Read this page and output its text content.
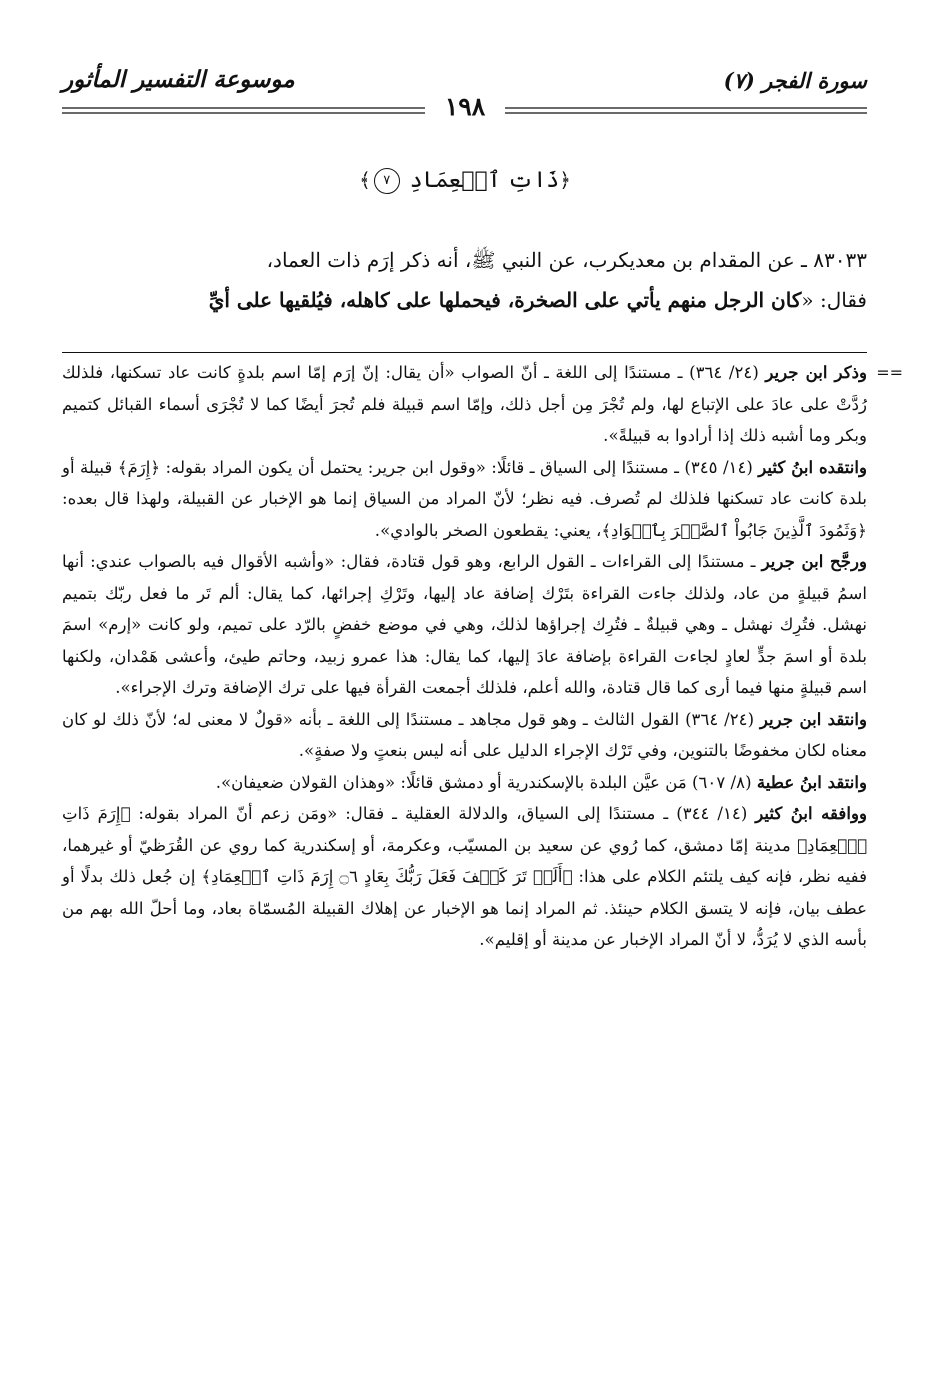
سورة الفجر (٧)
موسوعة التفسير المأثور
١٩٨
﴿ذَاتِ ٱلۡعِمَادِ ٧﴾
٨٣٠٣٣ ـ عن المقدام بن معديكرب، عن النبي ﷺ، أنه ذكر إرَم ذات العماد،
فقال: «كان الرجل منهم يأتي على الصخرة، فيحملها على كاهله، فيُلقيها على أيِّ
==

وذكر ابن جرير (٢٤/ ٣٦٤) ـ مستندًا إلى اللغة ـ أنّ الصواب «أن يقال: إنّ إرَم إمّا اسم بلدةٍ كانت عاد تسكنها، فلذلك رُدَّتْ على عادَ على الإتباع لها، ولم تُجْرَ مِن أجل ذلك، وإمّا اسم قبيلة فلم تُجرَ أيضًا كما لا تُجْرَى أسماء القبائل كتميم وبكر وما أشبه ذلك إذا أرادوا به قبيلةً».

وانتقده ابنُ كثير (١٤/ ٣٤٥) ـ مستندًا إلى السياق ـ قائلًا: «وقول ابن جرير: يحتمل أن يكون المراد بقوله: ﴿إِرَمَ﴾ قبيلة أو بلدة كانت عاد تسكنها فلذلك لم تُصرف. فيه نظر؛ لأنّ المراد من السياق إنما هو الإخبار عن القبيلة، ولهذا قال بعده: ﴿وَثَمُودَ ٱلَّذِينَ جَابُواْ ٱلصَّخۡرَ بِٱلۡوَادِ﴾، يعني: يقطعون الصخر بالوادي».

ورجَّح ابن جرير ـ مستندًا إلى القراءات ـ القول الرابع، وهو قول قتادة، فقال: «وأشبه الأقوال فيه بالصواب عندي: أنها اسمُ قبيلةٍ من عاد، ولذلك جاءت القراءة بتَرْك إضافة عاد إليها، وتَرْكِ إجرائها، كما يقال: ألم تَر ما فعل ربّك بتميم نهشل. فتُرِك نهشل ـ وهي قبيلةٌ ـ فتُرِك إجراؤها لذلك، وهي في موضع خفضٍ بالرّد على تميم، ولو كانت «إرم» اسمَ بلدة أو اسمَ جدٍّ لعادٍ لجاءت القراءة بإضافة عادَ إليها، كما يقال: هذا عمرو زبيد، وحاتم طيئ، وأعشى هَمْدان، ولكنها اسم قبيلةٍ منها فيما أرى كما قال قتادة، والله أعلم، فلذلك أجمعت القرأة فيها على ترك الإضافة وترك الإجراء».

وانتقد ابن جرير (٢٤/ ٣٦٤) القول الثالث ـ وهو قول مجاهد ـ مستندًا إلى اللغة ـ بأنه «قولٌ لا معنى له؛ لأنّ ذلك لو كان معناه لكان مخفوضًا بالتنوين، وفي تَرْك الإجراء الدليل على أنه ليس بنعتٍ ولا صفةٍ».

وانتقد ابنُ عطية (٨/ ٦٠٧) مَن عيَّن البلدة بالإسكندرية أو دمشق قائلًا: «وهذان القولان ضعيفان».

ووافقه ابنُ كثير (١٤/ ٣٤٤) ـ مستندًا إلى السياق، والدلالة العقلية ـ فقال: «ومَن زعم أنّ المراد بقوله: ﴿إِرَمَ ذَاتِ ٱلۡعِمَادِ﴾ مدينة إمّا دمشق، كما رُوي عن سعيد بن المسيّب، وعكرمة، أو إسكندرية كما روي عن القُرَظيّ أو غيرهما، ففيه نظر، فإنه كيف يلتئم الكلام على هذا: ﴿أَلَمۡ تَرَ كَيۡفَ فَعَلَ رَبُّكَ بِعَادٍ ۝٦ إِرَمَ ذَاتِ ٱلۡعِمَادِ﴾ إن جُعل ذلك بدلًا أو عطف بيان، فإنه لا يتسق الكلام حينئذ. ثم المراد إنما هو الإخبار عن إهلاك القبيلة المُسمّاة بعاد، وما أحلّ الله بهم من بأسه الذي لا يُرَدُّ، لا أنّ المراد الإخبار عن مدينة أو إقليم».
